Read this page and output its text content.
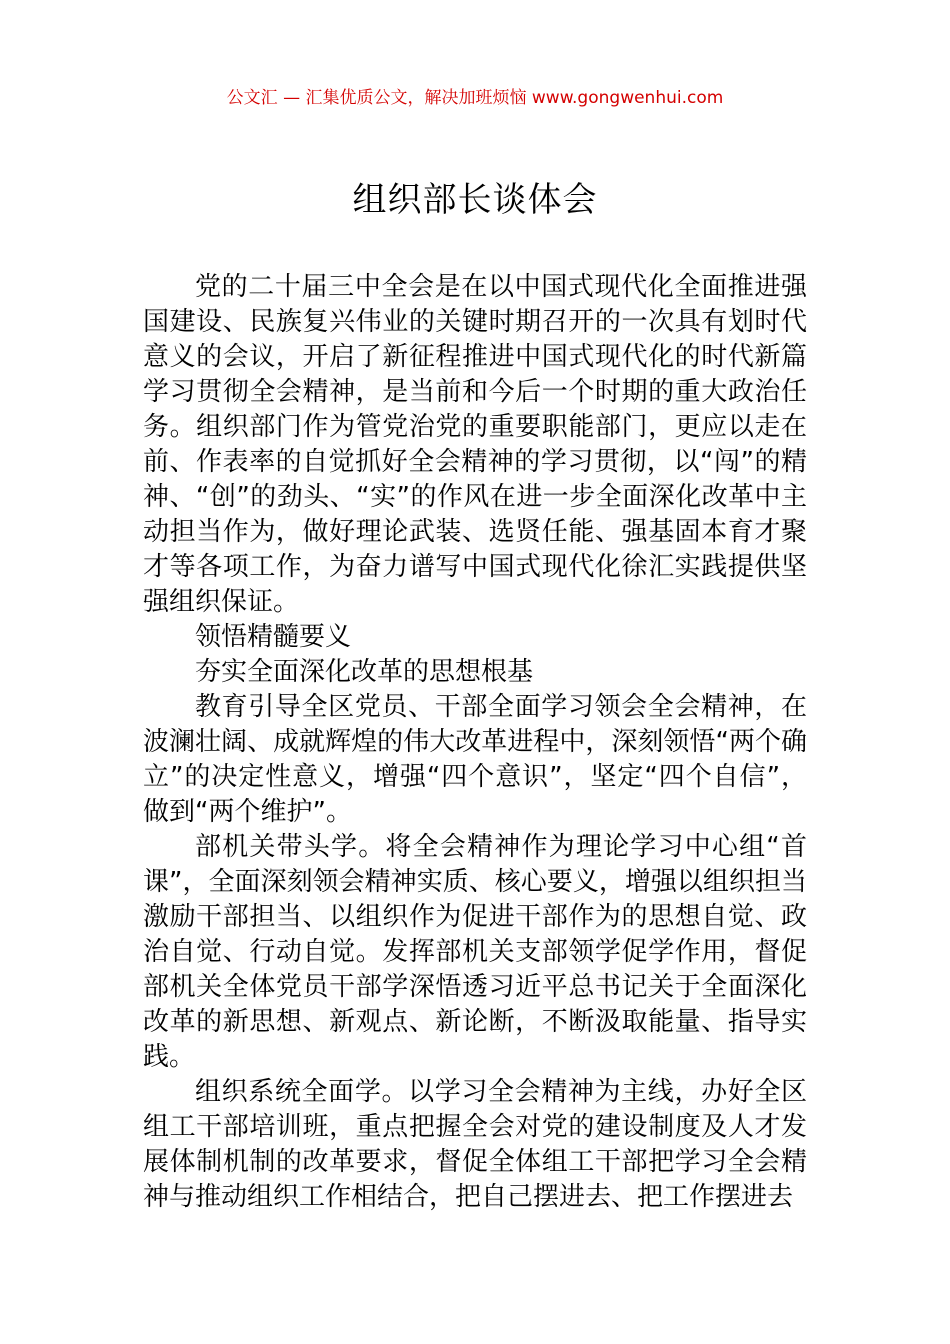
公文汇 — 汇集优质公文，解决加班烦恼 www.gongwenhui.com
组织部长谈体会

党的二十届三中全会是在以中国式现代化全面推进强国建设、民族复兴伟业的关键时期召开的一次具有划时代意义的会议，开启了新征程推进中国式现代化的时代新篇学习贯彻全会精神，是当前和今后一个时期的重大政治任务。组织部门作为管党治党的重要职能部门，更应以走在前、作表率的自觉抓好全会精神的学习贯彻，以“闯”的精神、“创”的劲头、“实”的作风在进一步全面深化改革中主动担当作为，做好理论武装、选贤任能、强基固本育才聚才等各项工作，为奋力谱写中国式现代化徐汇实践提供坚强组织保证。

领悟精髓要义

夯实全面深化改革的思想根基

教育引导全区党员、干部全面学习领会全会精神，在波澜壮阔、成就辉煌的伟大改革进程中，深刻领悟“两个确立”的决定性意义，增强“四个意识”，坚定“四个自信”，做到“两个维护”。

部机关带头学。将全会精神作为理论学习中心组“首课”，全面深刻领会精神实质、核心要义，增强以组织担当激励干部担当、以组织作为促进干部作为的思想自觉、政治自觉、行动自觉。发挥部机关支部领学促学作用，督促部机关全体党员干部学深悟透习近平总书记关于全面深化改革的新思想、新观点、新论断，不断汲取能量、指导实践。

组织系统全面学。以学习全会精神为主线，办好全区组工干部培训班，重点把握全会对党的建设制度及人才发展体制机制的改革要求，督促全体组工干部把学习全会精神与推动组织工作相结合，把自己摆进去、把工作摆进去
